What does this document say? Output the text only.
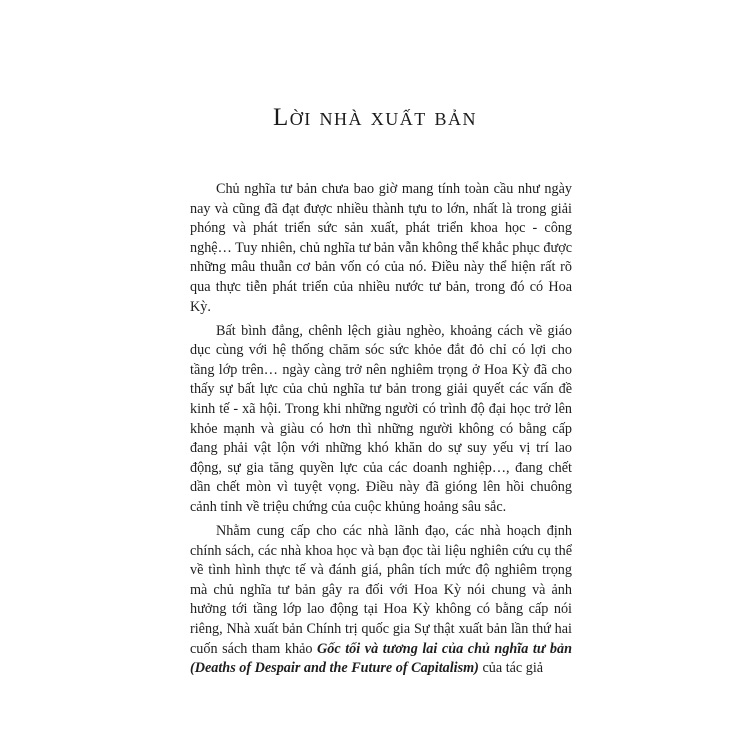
Lời nhà xuất bản

Chủ nghĩa tư bản chưa bao giờ mang tính toàn cầu như ngày nay và cũng đã đạt được nhiều thành tựu to lớn, nhất là trong giải phóng và phát triển sức sản xuất, phát triển khoa học - công nghệ… Tuy nhiên, chủ nghĩa tư bản vẫn không thể khắc phục được những mâu thuẫn cơ bản vốn có của nó. Điều này thể hiện rất rõ qua thực tiễn phát triển của nhiều nước tư bản, trong đó có Hoa Kỳ.

Bất bình đẳng, chênh lệch giàu nghèo, khoảng cách về giáo dục cùng với hệ thống chăm sóc sức khỏe đắt đỏ chỉ có lợi cho tầng lớp trên… ngày càng trở nên nghiêm trọng ở Hoa Kỳ đã cho thấy sự bất lực của chủ nghĩa tư bản trong giải quyết các vấn đề kinh tế - xã hội. Trong khi những người có trình độ đại học trở lên khỏe mạnh và giàu có hơn thì những người không có bằng cấp đang phải vật lộn với những khó khăn do sự suy yếu vị trí lao động, sự gia tăng quyền lực của các doanh nghiệp…, đang chết dần chết mòn vì tuyệt vọng. Điều này đã gióng lên hồi chuông cảnh tỉnh về triệu chứng của cuộc khủng hoảng sâu sắc.

Nhằm cung cấp cho các nhà lãnh đạo, các nhà hoạch định chính sách, các nhà khoa học và bạn đọc tài liệu nghiên cứu cụ thể về tình hình thực tế và đánh giá, phân tích mức độ nghiêm trọng mà chủ nghĩa tư bản gây ra đối với Hoa Kỳ nói chung và ảnh hưởng tới tầng lớp lao động tại Hoa Kỳ không có bằng cấp nói riêng, Nhà xuất bản Chính trị quốc gia Sự thật xuất bản lần thứ hai cuốn sách tham khảo Gốc tối và tương lai của chủ nghĩa tư bản (Deaths of Despair and the Future of Capitalism) của tác giả
